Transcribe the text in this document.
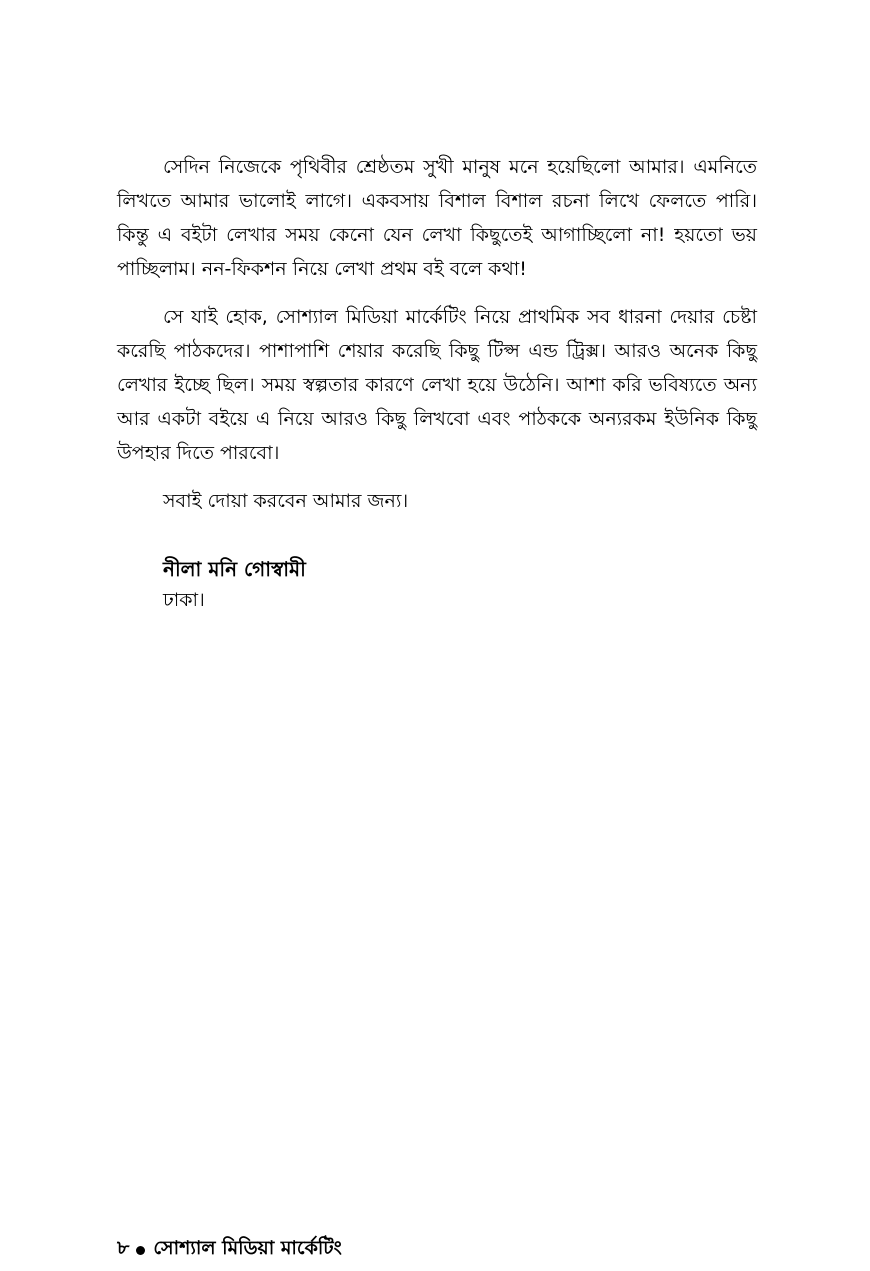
সেদিন নিজেকে পৃথিবীর শ্রেষ্ঠতম সুখী মানুষ মনে হয়েছিলো আমার। এমনিতে লিখতে আমার ভালোই লাগে। একবসায় বিশাল বিশাল রচনা লিখে ফেলতে পারি। কিন্তু এ বইটা লেখার সময় কেনো যেন লেখা কিছুতেই আগাচ্ছিলো না! হয়তো ভয় পাচ্ছিলাম। নন-ফিকশন নিয়ে লেখা প্রথম বই বলে কথা!

সে যাই হোক, সোশ্যাল মিডিয়া মার্কেটিং নিয়ে প্রাথমিক সব ধারনা দেয়ার চেষ্টা করেছি পাঠকদের। পাশাপাশি শেয়ার করেছি কিছু টিপ্স এন্ড ট্রিক্স। আরও অনেক কিছু লেখার ইচ্ছে ছিল। সময় স্বল্পতার কারণে লেখা হয়ে উঠেনি। আশা করি ভবিষ্যতে অন্য আর একটা বইয়ে এ নিয়ে আরও কিছু লিখবো এবং পাঠককে অন্যরকম ইউনিক কিছু উপহার দিতে পারবো।

সবাই দোয়া করবেন আমার জন্য।

নীলা মনি গোস্বামী
ঢাকা।
৮ সোশ্যাল মিডিয়া মার্কেটিং
